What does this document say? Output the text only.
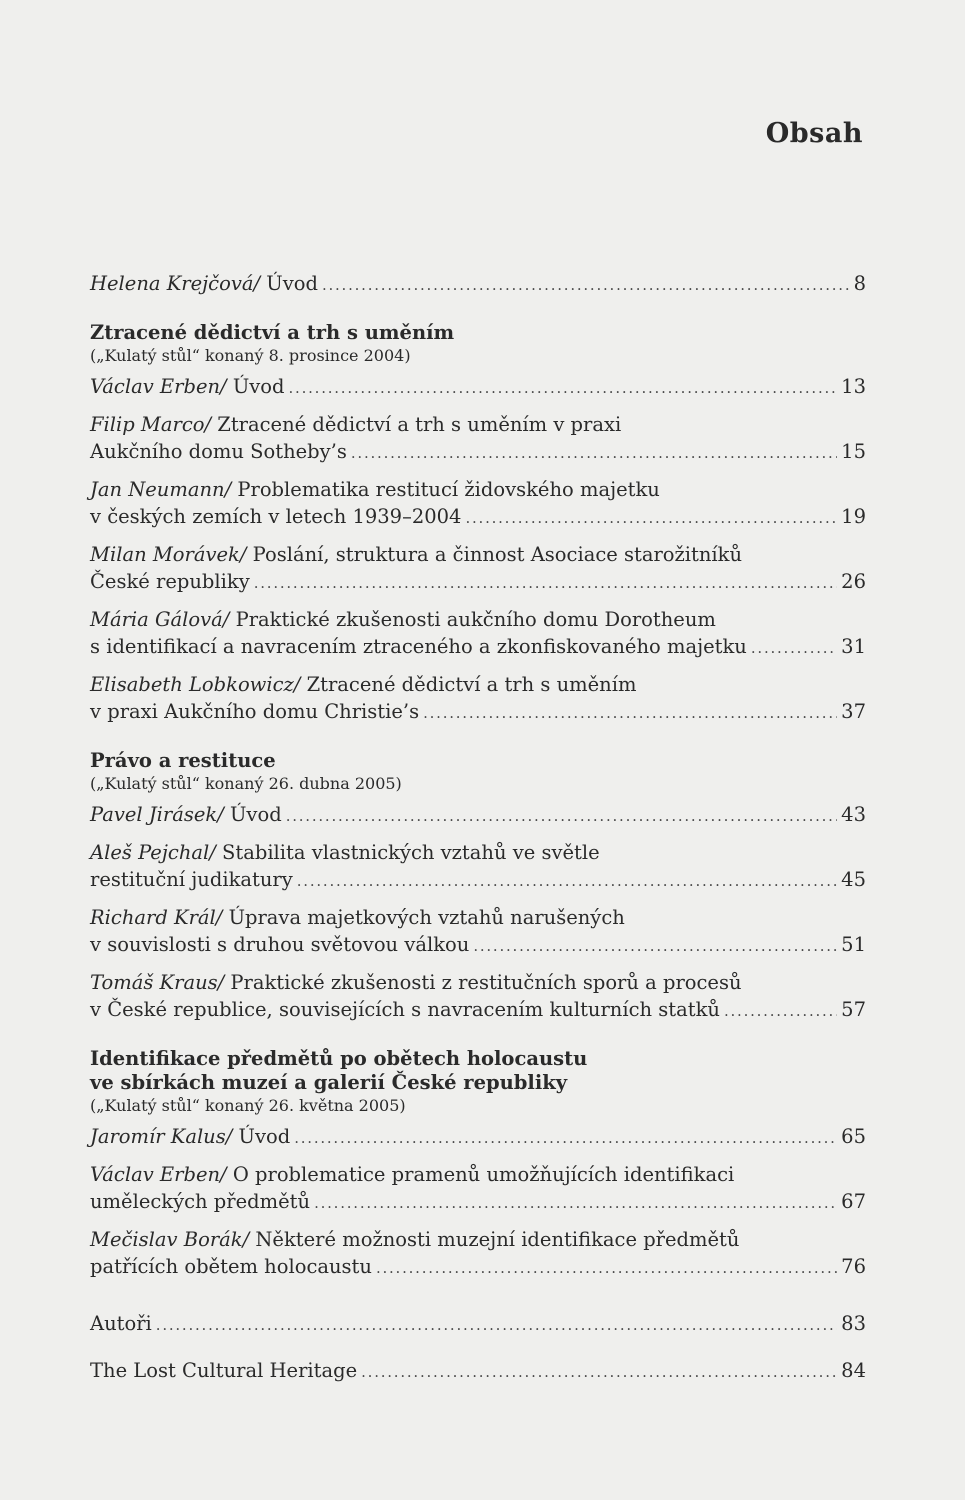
Obsah
Helena Krejčová/ Úvod . . .	8
Ztracené dědictví a trh s uměním
(„Kulatý stůl“ konaný 8. prosince 2004)
Václav Erben/ Úvod . . .	13
Filip Marco/ Ztracené dědictví a trh s uměním v praxi
Aukčního domu Sotheby’s . . .	15
Jan Neumann/ Problematika restitucí židovského majetku
v českých zemích v letech 1939–2004 . . .	19
Milan Morávek/ Poslání, struktura a činnost Asociace starožitníků
České republiky . . .	26
Mária Gálová/ Praktické zkušenosti aukčního domu Dorotheum
s identifikací a navracením ztraceného a zkonfiskovaného majetku . . .	31
Elisabeth Lobkowicz/ Ztracené dědictví a trh s uměním
v praxi Aukčního domu Christie’s . . .	37
Právo a restituce
(„Kulatý stůl“ konaný 26. dubna 2005)
Pavel Jirásek/ Úvod . . .	43
Aleš Pejchal/ Stabilita vlastnických vztahů ve světle
restituční judikatury . . .	45
Richard Král/ Úprava majetkových vztahů narušených
v souvislosti s druhou světovou válkou . . .	51
Tomáš Kraus/ Praktické zkušenosti z restitučních sporů a procesů
v České republice, souvisejících s navracením kulturních statků . . .	57
Identifikace předmětů po obětech holocaustu
ve sbírkách muzeí a galerií České republiky
(„Kulatý stůl“ konaný 26. května 2005)
Jaromír Kalus/ Úvod . . .	65
Václav Erben/ O problematice pramenů umožňujících identifikaci
uměleckých předmětů . . .	67
Mečislav Borák/ Některé možnosti muzejní identifikace předmětů
patřících obětem holocaustu . . .	76
Autoři . . .	83
The Lost Cultural Heritage . . .	84
